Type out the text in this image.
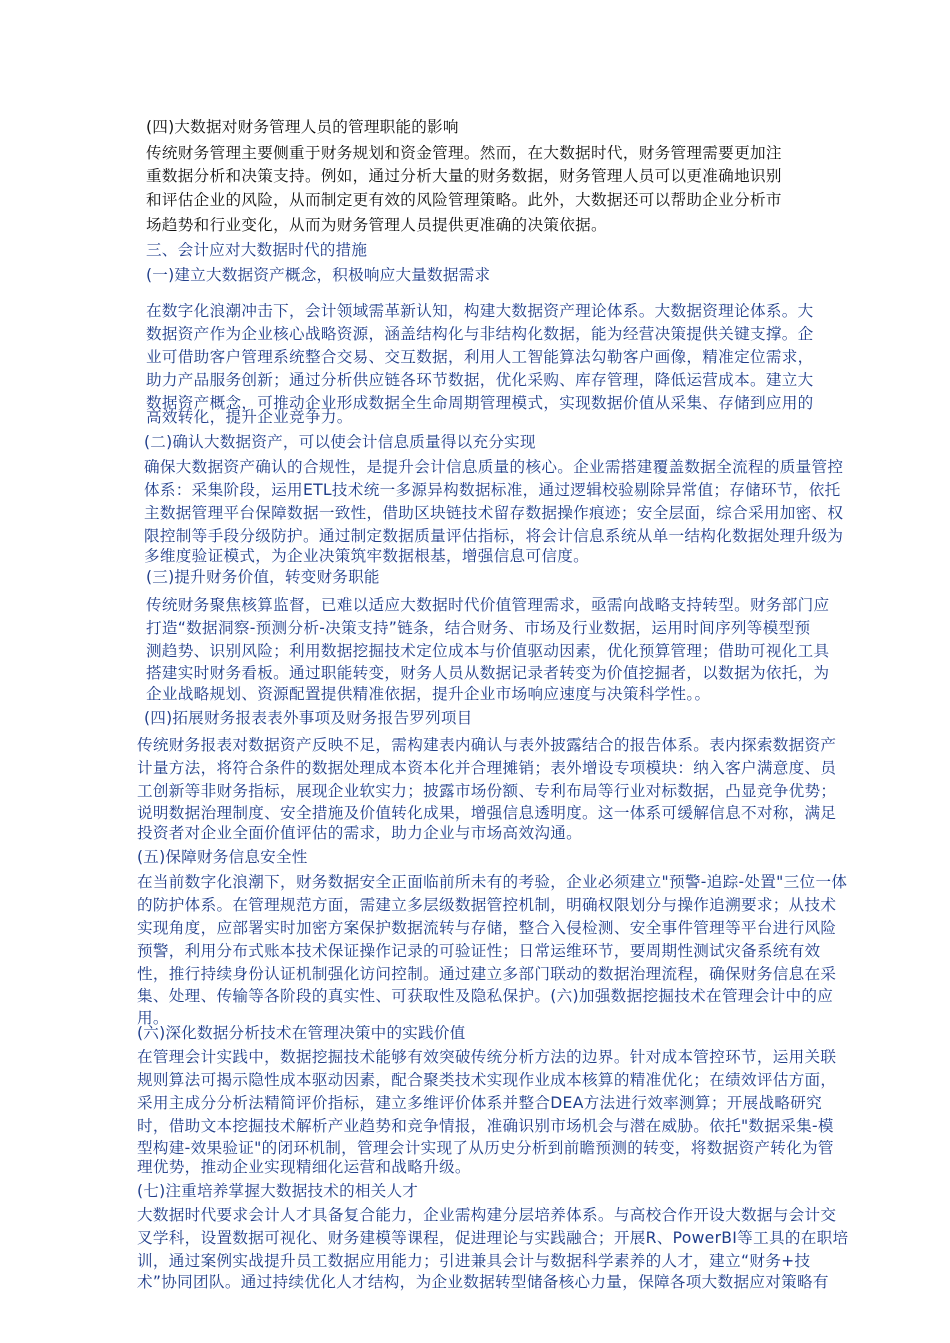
(四)大数据对财务管理人员的管理职能的影响
传统财务管理主要侧重于财务规划和资金管理。然而，在大数据时代，财务管理需要更加注
重数据分析和决策支持。例如，通过分析大量的财务数据，财务管理人员可以更准确地识别
和评估企业的风险，从而制定更有效的风险管理策略。此外，大数据还可以帮助企业分析市
场趋势和行业变化，从而为财务管理人员提供更准确的决策依据。
三、会计应对大数据时代的措施
(一)建立大数据资产概念，积极响应大量数据需求
在数字化浪潮冲击下，会计领域需革新认知，构建大数据资产理论体系。大数据资理论体系。大
数据资产作为企业核心战略资源，涵盖结构化与非结构化数据，能为经营决策提供关键支撑。企
业可借助客户管理系统整合交易、交互数据，利用人工智能算法勾勒客户画像，精准定位需求，
助力产品服务创新；通过分析供应链各环节数据，优化采购、库存管理，降低运营成本。建立大
数据资产概念，可推动企业形成数据全生命周期管理模式，实现数据价值从采集、存储到应用的
高效转化，提升企业竞争力。
(二)确认大数据资产，可以使会计信息质量得以充分实现
确保大数据资产确认的合规性，是提升会计信息质量的核心。企业需搭建覆盖数据全流程的质量管控
体系：采集阶段，运用ETL技术统一多源异构数据标准，通过逻辑校验剔除异常值；存储环节，依托
主数据管理平台保障数据一致性，借助区块链技术留存数据操作痕迹；安全层面，综合采用加密、权
限控制等手段分级防护。通过制定数据质量评估指标，将会计信息系统从单一结构化数据处理升级为
多维度验证模式，为企业决策筑牢数据根基，增强信息可信度。
(三)提升财务价值，转变财务职能
传统财务聚焦核算监督，已难以适应大数据时代价值管理需求，亟需向战略支持转型。财务部门应
打造“数据洞察-预测分析-决策支持”链条，结合财务、市场及行业数据，运用时间序列等模型预
测趋势、识别风险；利用数据挖掘技术定位成本与价值驱动因素，优化预算管理；借助可视化工具
搭建实时财务看板。通过职能转变，财务人员从数据记录者转变为价值挖掘者，以数据为依托，为
企业战略规划、资源配置提供精准依据，提升企业市场响应速度与决策科学性。。
(四)拓展财务报表表外事项及财务报告罗列项目
传统财务报表对数据资产反映不足，需构建表内确认与表外披露结合的报告体系。表内探索数据资产
计量方法，将符合条件的数据处理成本资本化并合理摊销；表外增设专项模块：纳入客户满意度、员
工创新等非财务指标，展现企业软实力；披露市场份额、专利布局等行业对标数据，凸显竞争优势；
说明数据治理制度、安全措施及价值转化成果，增强信息透明度。这一体系可缓解信息不对称，满足
投资者对企业全面价值评估的需求，助力企业与市场高效沟通。
(五)保障财务信息安全性
在当前数字化浪潮下，财务数据安全正面临前所未有的考验，企业必须建立"预警-追踪-处置"三位一体
的防护体系。在管理规范方面，需建立多层级数据管控机制，明确权限划分与操作追溯要求；从技术
实现角度，应部署实时加密方案保护数据流转与存储，整合入侵检测、安全事件管理等平台进行风险
预警，利用分布式账本技术保证操作记录的可验证性；日常运维环节，要周期性测试灾备系统有效
性，推行持续身份认证机制强化访问控制。通过建立多部门联动的数据治理流程，确保财务信息在采
集、处理、传输等各阶段的真实性、可获取性及隐私保护。(六)加强数据挖掘技术在管理会计中的应
用。
(六)深化数据分析技术在管理决策中的实践价值
在管理会计实践中，数据挖掘技术能够有效突破传统分析方法的边界。针对成本管控环节，运用关联
规则算法可揭示隐性成本驱动因素，配合聚类技术实现作业成本核算的精准优化；在绩效评估方面，
采用主成分分析法精简评价指标，建立多维评价体系并整合DEA方法进行效率测算；开展战略研究
时，借助文本挖掘技术解析产业趋势和竞争情报，准确识别市场机会与潜在威胁。依托"数据采集-模
型构建-效果验证"的闭环机制，管理会计实现了从历史分析到前瞻预测的转变，将数据资产转化为管
理优势，推动企业实现精细化运营和战略升级。
(七)注重培养掌握大数据技术的相关人才
大数据时代要求会计人才具备复合能力，企业需构建分层培养体系。与高校合作开设大数据与会计交
叉学科，设置数据可视化、财务建模等课程，促进理论与实践融合；开展R、PowerBI等工具的在职培
训，通过案例实战提升员工数据应用能力；引进兼具会计与数据科学素养的人才，建立“财务+技
术”协同团队。通过持续优化人才结构，为企业数据转型储备核心力量，保障各项大数据应对策略有
